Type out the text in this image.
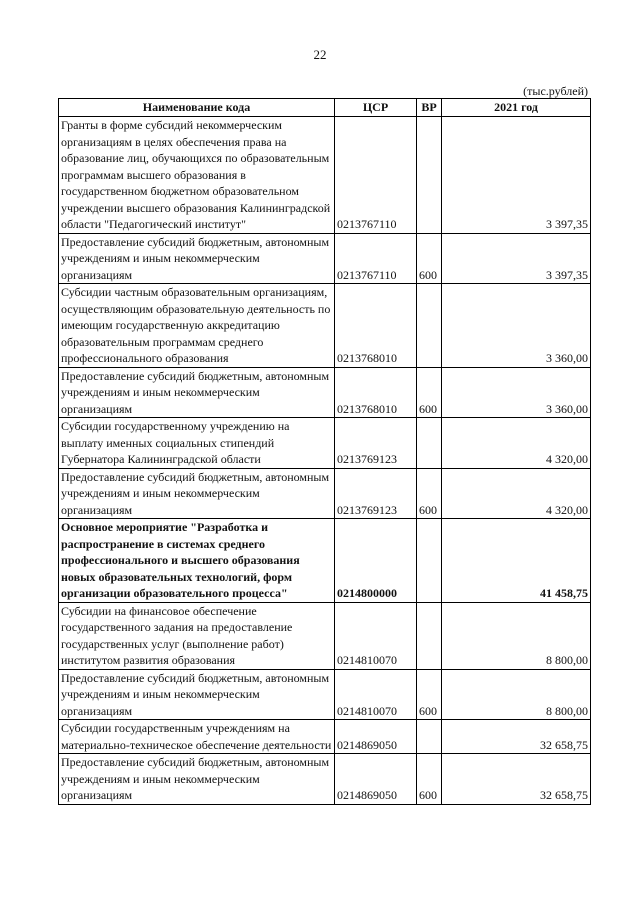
22
(тыс.рублей)
Наименование кода	ЦСР	ВР	2021 год
Гранты в форме субсидий некоммерческим организациям в целях обеспечения права на образование лиц, обучающихся по образовательным программам высшего образования в государственном бюджетном образовательном учреждении высшего образования Калининградской области "Педагогический институт"	0213767110		3 397,35
Предоставление субсидий бюджетным, автономным учреждениям и иным некоммерческим организациям	0213767110	600	3 397,35
Субсидии частным образовательным организациям, осуществляющим образовательную деятельность по имеющим государственную аккредитацию образовательным программам среднего профессионального образования	0213768010		3 360,00
Предоставление субсидий бюджетным, автономным учреждениям и иным некоммерческим организациям	0213768010	600	3 360,00
Субсидии государственному учреждению на выплату именных социальных стипендий Губернатора Калининградской области	0213769123		4 320,00
Предоставление субсидий бюджетным, автономным учреждениям и иным некоммерческим организациям	0213769123	600	4 320,00
Основное мероприятие "Разработка и распространение в системах среднего профессионального и высшего образования новых образовательных технологий, форм организации образовательного процесса"	0214800000		41 458,75
Субсидии на финансовое обеспечение государственного задания на предоставление государственных услуг (выполнение работ) институтом развития образования	0214810070		8 800,00
Предоставление субсидий бюджетным, автономным учреждениям и иным некоммерческим организациям	0214810070	600	8 800,00
Субсидии государственным учреждениям на материально-техническое обеспечение деятельности	0214869050		32 658,75
Предоставление субсидий бюджетным, автономным учреждениям и иным некоммерческим организациям	0214869050	600	32 658,75
